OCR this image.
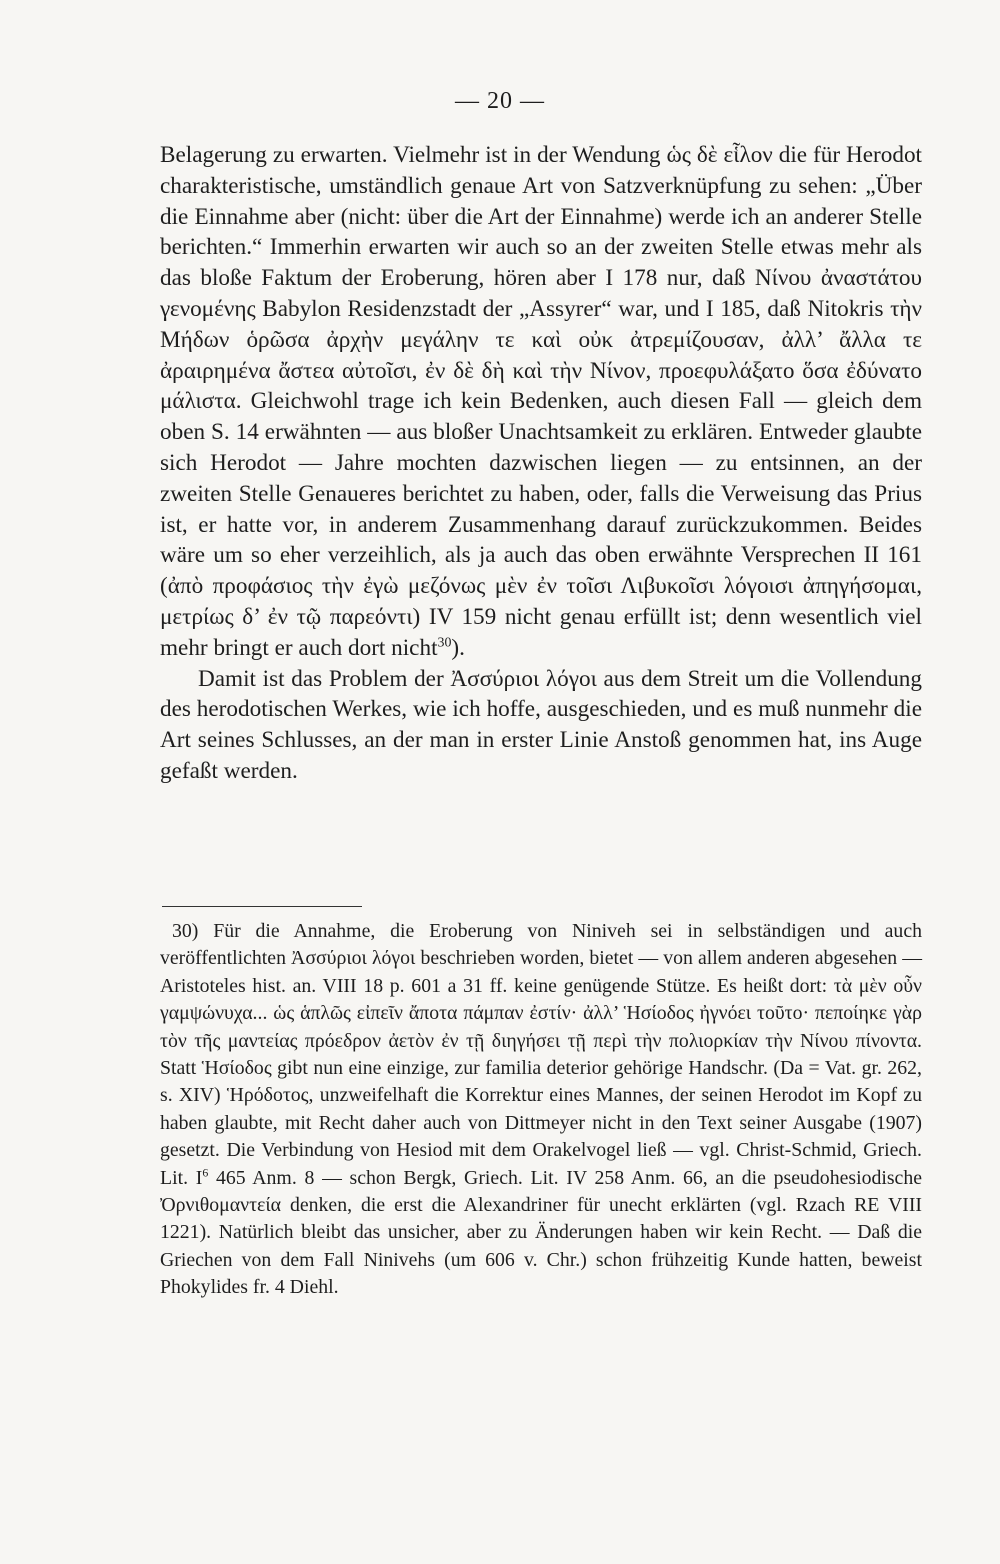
— 20 —

Belagerung zu erwarten. Vielmehr ist in der Wendung ὡς δὲ εἷλον die für Herodot charakteristische, umständlich genaue Art von Satzverknüpfung zu sehen: „Über die Einnahme aber (nicht: über die Art der Einnahme) werde ich an anderer Stelle berichten.“ Immerhin erwarten wir auch so an der zweiten Stelle etwas mehr als das bloße Faktum der Eroberung, hören aber I 178 nur, daß Νίνου ἀναστάτου γενομένης Babylon Residenzstadt der „Assyrer“ war, und I 185, daß Nitokris τὴν Μήδων ὁρῶσα ἀρχὴν μεγάλην τε καὶ οὐκ ἀτρεμίζουσαν, ἀλλ’ ἄλλα τε ἀραιρημένα ἄστεα αὐτοῖσι, ἐν δὲ δὴ καὶ τὴν Νίνον, προεφυλάξατο ὅσα ἐδύνατο μάλιστα. Gleichwohl trage ich kein Bedenken, auch diesen Fall — gleich dem oben S. 14 erwähnten — aus bloßer Unachtsamkeit zu erklären. Entweder glaubte sich Herodot — Jahre mochten dazwischen liegen — zu entsinnen, an der zweiten Stelle Genaueres berichtet zu haben, oder, falls die Verweisung das Prius ist, er hatte vor, in anderem Zusammenhang darauf zurückzukommen. Beides wäre um so eher verzeihlich, als ja auch das oben erwähnte Versprechen II 161 (ἀπὸ προφάσιος τὴν ἐγὼ μεζόνως μὲν ἐν τοῖσι Λιβυκοῖσι λόγοισι ἀπηγήσομαι, μετρίως δ’ ἐν τῷ παρεόντι) IV 159 nicht genau erfüllt ist; denn wesentlich viel mehr bringt er auch dort nicht$^{30}$).

Damit ist das Problem der Ἀσσύριοι λόγοι aus dem Streit um die Vollendung des herodotischen Werkes, wie ich hoffe, ausgeschieden, und es muß nunmehr die Art seines Schlusses, an der man in erster Linie Anstoß genommen hat, ins Auge gefaßt werden.

30) Für die Annahme, die Eroberung von Niniveh sei in selbständigen und auch veröffentlichten Ἀσσύριοι λόγοι beschrieben worden, bietet — von allem anderen abgesehen — Aristoteles hist. an. VIII 18 p. 601 a 31 ff. keine genügende Stütze. Es heißt dort: τὰ μὲν οὖν γαμψώνυχα... ὡς ἁπλῶς εἰπεῖν ἄποτα πάμπαν ἐστίν· ἀλλ’ Ἡσίοδος ἠγνόει τοῦτο· πεποίηκε γὰρ τὸν τῆς μαντείας πρόεδρον ἀετὸν ἐν τῇ διηγήσει τῇ περὶ τὴν πολιορκίαν τὴν Νίνου πίνοντα. Statt Ἡσίοδος gibt nun eine einzige, zur familia deterior gehörige Handschr. (Da = Vat. gr. 262, s. XIV) Ἡρόδοτος, unzweifelhaft die Korrektur eines Mannes, der seinen Herodot im Kopf zu haben glaubte, mit Recht daher auch von Dittmeyer nicht in den Text seiner Ausgabe (1907) gesetzt. Die Verbindung von Hesiod mit dem Orakelvogel ließ — vgl. Christ-Schmid, Griech. Lit. $I^6$ 465 Anm. 8 — schon Bergk, Griech. Lit. IV 258 Anm. 66, an die pseudohesiodische Ὀρνιθομαντεία denken, die erst die Alexandriner für unecht erklärten (vgl. Rzach RE VIII 1221). Natürlich bleibt das unsicher, aber zu Änderungen haben wir kein Recht. — Daß die Griechen von dem Fall Ninivehs (um 606 v. Chr.) schon frühzeitig Kunde hatten, beweist Phokylides fr. 4 Diehl.
